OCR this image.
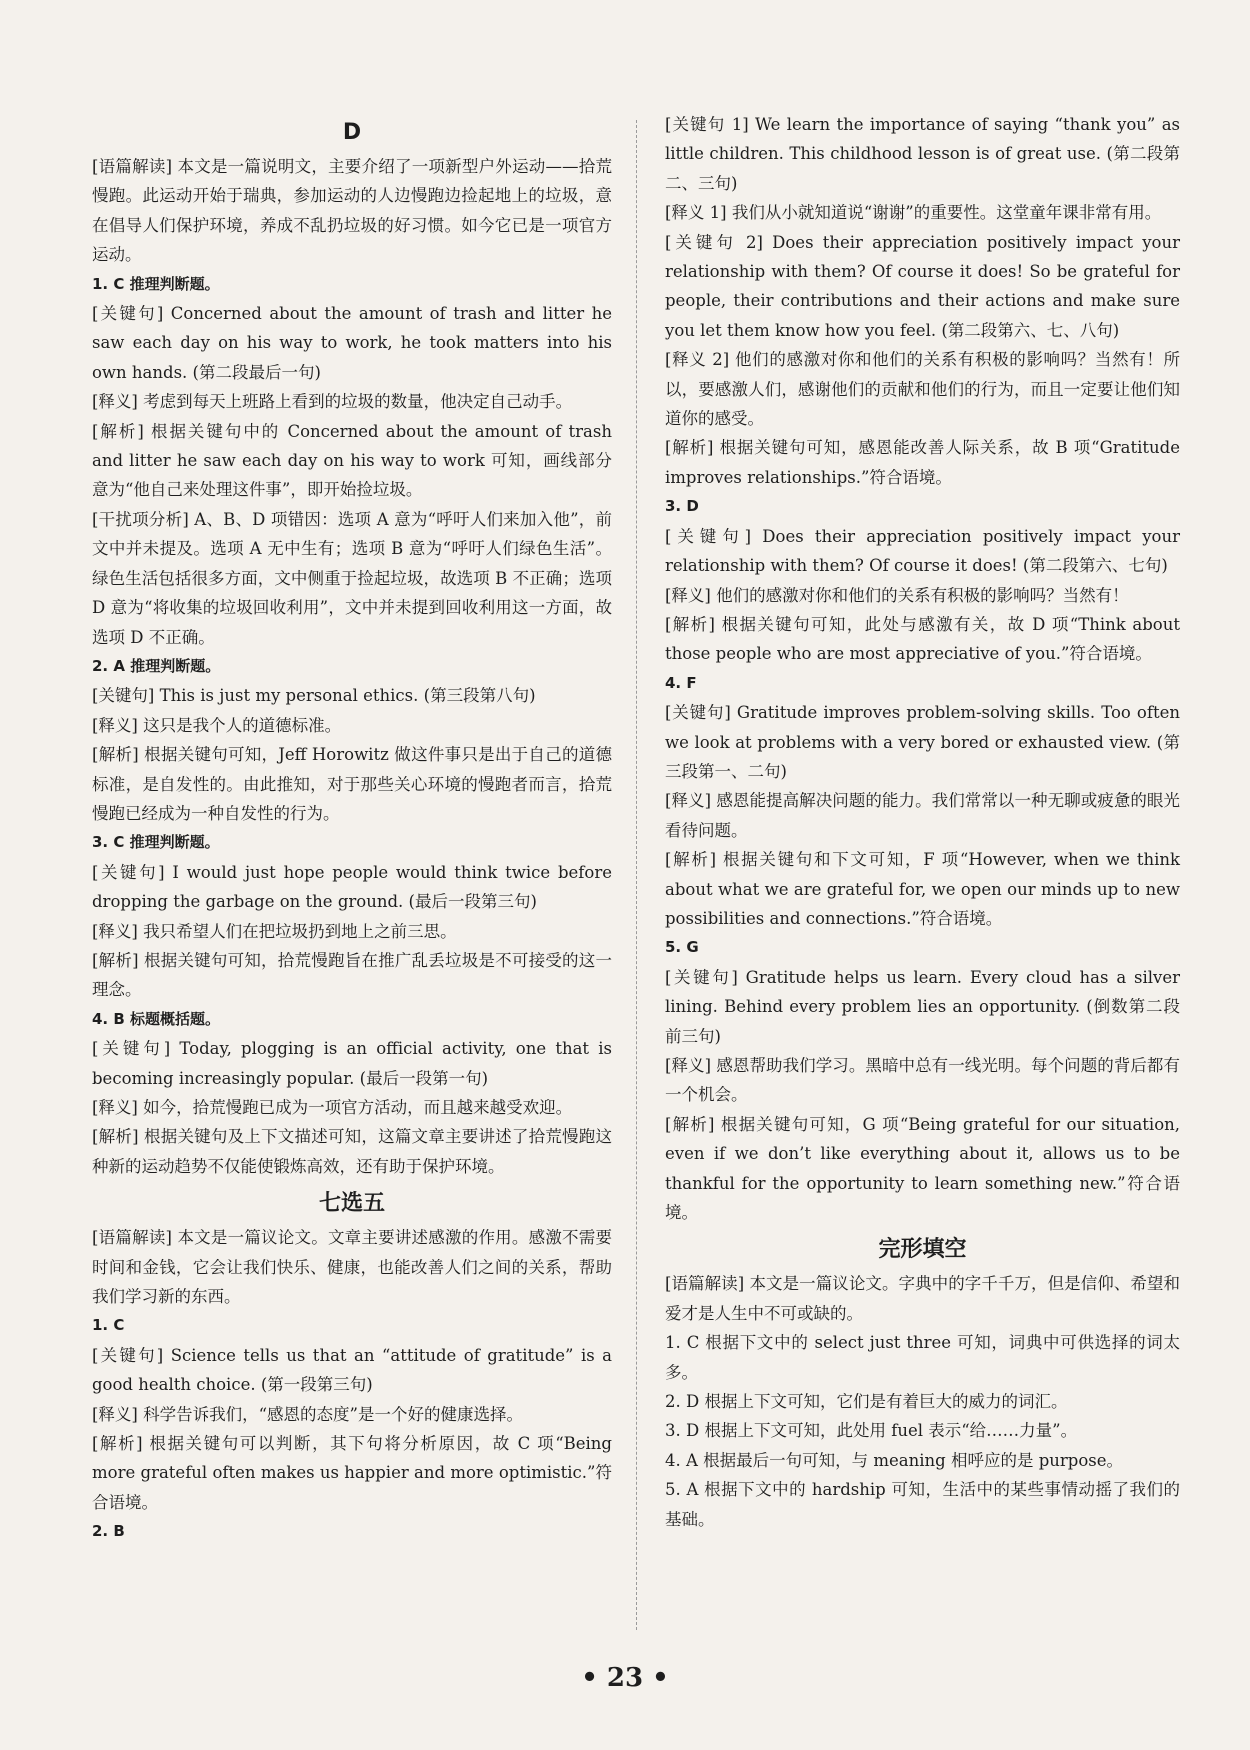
D

[语篇解读] 本文是一篇说明文，主要介绍了一项新型户外运动——拾荒慢跑。此运动开始于瑞典，参加运动的人边慢跑边捡起地上的垃圾，意在倡导人们保护环境，养成不乱扔垃圾的好习惯。如今它已是一项官方运动。

1. C 推理判断题。

[关键句] Concerned about the amount of trash and litter he saw each day on his way to work, he took matters into his own hands. (第二段最后一句)

[释义] 考虑到每天上班路上看到的垃圾的数量，他决定自己动手。

[解析] 根据关键句中的 Concerned about the amount of trash and litter he saw each day on his way to work 可知，画线部分意为“他自己来处理这件事”，即开始捡垃圾。

[干扰项分析] A、B、D 项错因：选项 A 意为“呼吁人们来加入他”，前文中并未提及。选项 A 无中生有；选项 B 意为“呼吁人们绿色生活”。绿色生活包括很多方面，文中侧重于捡起垃圾，故选项 B 不正确；选项 D 意为“将收集的垃圾回收利用”，文中并未提到回收利用这一方面，故选项 D 不正确。

2. A 推理判断题。

[关键句] This is just my personal ethics. (第三段第八句)

[释义] 这只是我个人的道德标准。

[解析] 根据关键句可知，Jeff Horowitz 做这件事只是出于自己的道德标准，是自发性的。由此推知，对于那些关心环境的慢跑者而言，拾荒慢跑已经成为一种自发性的行为。

3. C 推理判断题。

[关键句] I would just hope people would think twice before dropping the garbage on the ground. (最后一段第三句)

[释义] 我只希望人们在把垃圾扔到地上之前三思。

[解析] 根据关键句可知，拾荒慢跑旨在推广乱丢垃圾是不可接受的这一理念。

4. B 标题概括题。

[关键句] Today, plogging is an official activity, one that is becoming increasingly popular. (最后一段第一句)

[释义] 如今，拾荒慢跑已成为一项官方活动，而且越来越受欢迎。

[解析] 根据关键句及上下文描述可知，这篇文章主要讲述了拾荒慢跑这种新的运动趋势不仅能使锻炼高效，还有助于保护环境。

七选五

[语篇解读] 本文是一篇议论文。文章主要讲述感激的作用。感激不需要时间和金钱，它会让我们快乐、健康，也能改善人们之间的关系，帮助我们学习新的东西。

1. C

[关键句] Science tells us that an “attitude of gratitude” is a good health choice. (第一段第三句)

[释义] 科学告诉我们，“感恩的态度”是一个好的健康选择。

[解析] 根据关键句可以判断，其下句将分析原因，故 C 项“Being more grateful often makes us happier and more optimistic.”符合语境。

2. B

[关键句 1] We learn the importance of saying “thank you” as little children. This childhood lesson is of great use. (第二段第二、三句)

[释义 1] 我们从小就知道说“谢谢”的重要性。这堂童年课非常有用。

[关键句 2] Does their appreciation positively impact your relationship with them? Of course it does! So be grateful for people, their contributions and their actions and make sure you let them know how you feel. (第二段第六、七、八句)

[释义 2] 他们的感激对你和他们的关系有积极的影响吗？当然有！所以，要感激人们，感谢他们的贡献和他们的行为，而且一定要让他们知道你的感受。

[解析] 根据关键句可知，感恩能改善人际关系，故 B 项“Gratitude improves relationships.”符合语境。

3. D

[关键句] Does their appreciation positively impact your relationship with them? Of course it does! (第二段第六、七句)

[释义] 他们的感激对你和他们的关系有积极的影响吗？当然有！

[解析] 根据关键句可知，此处与感激有关，故 D 项“Think about those people who are most appreciative of you.”符合语境。

4. F

[关键句] Gratitude improves problem-solving skills. Too often we look at problems with a very bored or exhausted view. (第三段第一、二句)

[释义] 感恩能提高解决问题的能力。我们常常以一种无聊或疲惫的眼光看待问题。

[解析] 根据关键句和下文可知，F 项“However, when we think about what we are grateful for, we open our minds up to new possibilities and connections.”符合语境。

5. G

[关键句] Gratitude helps us learn. Every cloud has a silver lining. Behind every problem lies an opportunity. (倒数第二段前三句)

[释义] 感恩帮助我们学习。黑暗中总有一线光明。每个问题的背后都有一个机会。

[解析] 根据关键句可知，G 项“Being grateful for our situation, even if we don’t like everything about it, allows us to be thankful for the opportunity to learn something new.”符合语境。

完形填空

[语篇解读] 本文是一篇议论文。字典中的字千千万，但是信仰、希望和爱才是人生中不可或缺的。

1. C 根据下文中的 select just three 可知，词典中可供选择的词太多。

2. D 根据上下文可知，它们是有着巨大的威力的词汇。

3. D 根据上下文可知，此处用 fuel 表示“给……力量”。

4. A 根据最后一句可知，与 meaning 相呼应的是 purpose。

5. A 根据下文中的 hardship 可知，生活中的某些事情动摇了我们的基础。

• 23 •
